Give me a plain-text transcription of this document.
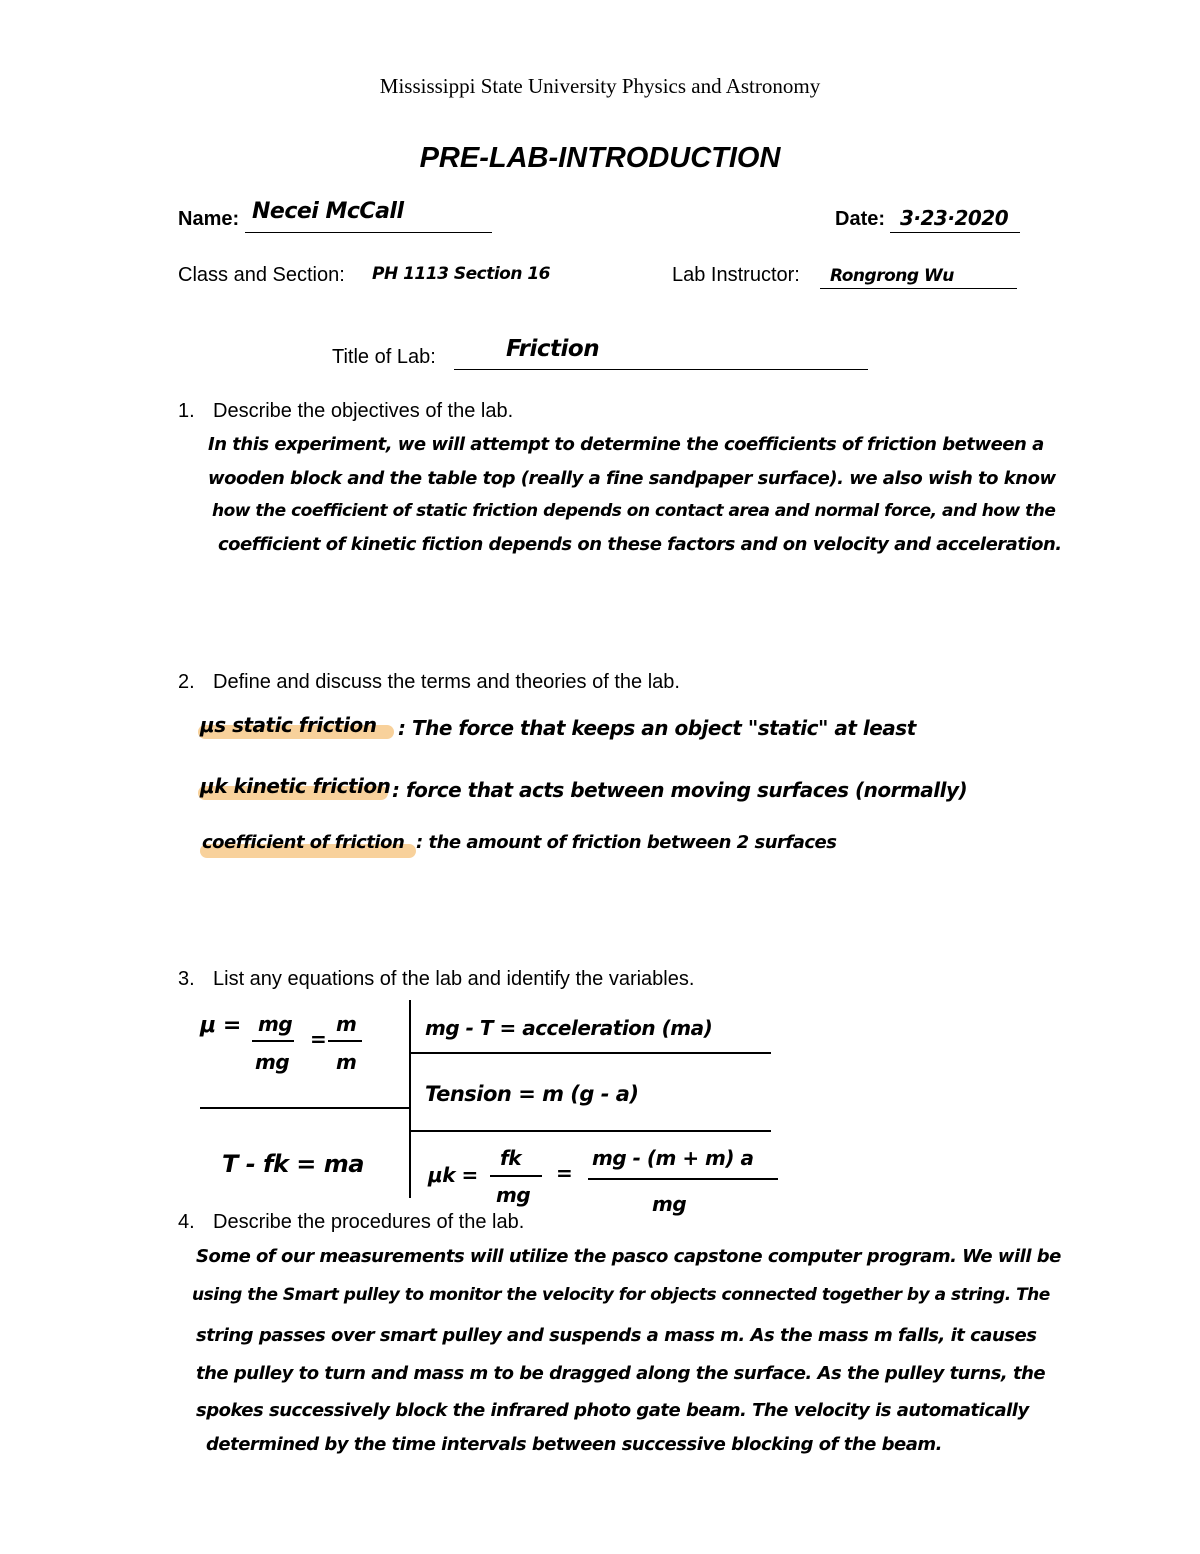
Mississippi State University Physics and Astronomy
PRE-LAB-INTRODUCTION
Name: Necei McCall	Date: 3·23·2020
Class and Section: PH 1113 Section 16	Lab Instructor: Rongrong Wu
Title of Lab:	Friction
1. Describe the objectives of the lab.
In this experiment, we will attempt to determine the coefficients of friction between a
wooden block and the table top (really a fine sandpaper surface). we also wish to know
how the coefficient of static friction depends on contact area and normal force, and how the
coefficient of kinetic fiction depends on these factors and on velocity and acceleration.
2. Define and discuss the terms and theories of the lab.
μs static friction : The force that keeps an object "static" at least
μk kinetic friction : force that acts between moving surfaces (normally)
coefficient of friction : the amount of friction between 2 surfaces
3. List any equations of the lab and identify the variables.
μ = mg
mg
=
m
m
T - fk = ma
mg - T = acceleration (ma)
Tension = m (g - a)
μk =
fk
mg
=
mg - (m + m) a
mg
4. Describe the procedures of the lab.
Some of our measurements will utilize the pasco capstone computer program. We will be
using the Smart pulley to monitor the velocity for objects connected together by a string. The
string passes over smart pulley and suspends a mass m. As the mass m falls, it causes
the pulley to turn and mass m to be dragged along the surface. As the pulley turns, the
spokes successively block the infrared photo gate beam. The velocity is automatically
determined by the time intervals between successive blocking of the beam.
